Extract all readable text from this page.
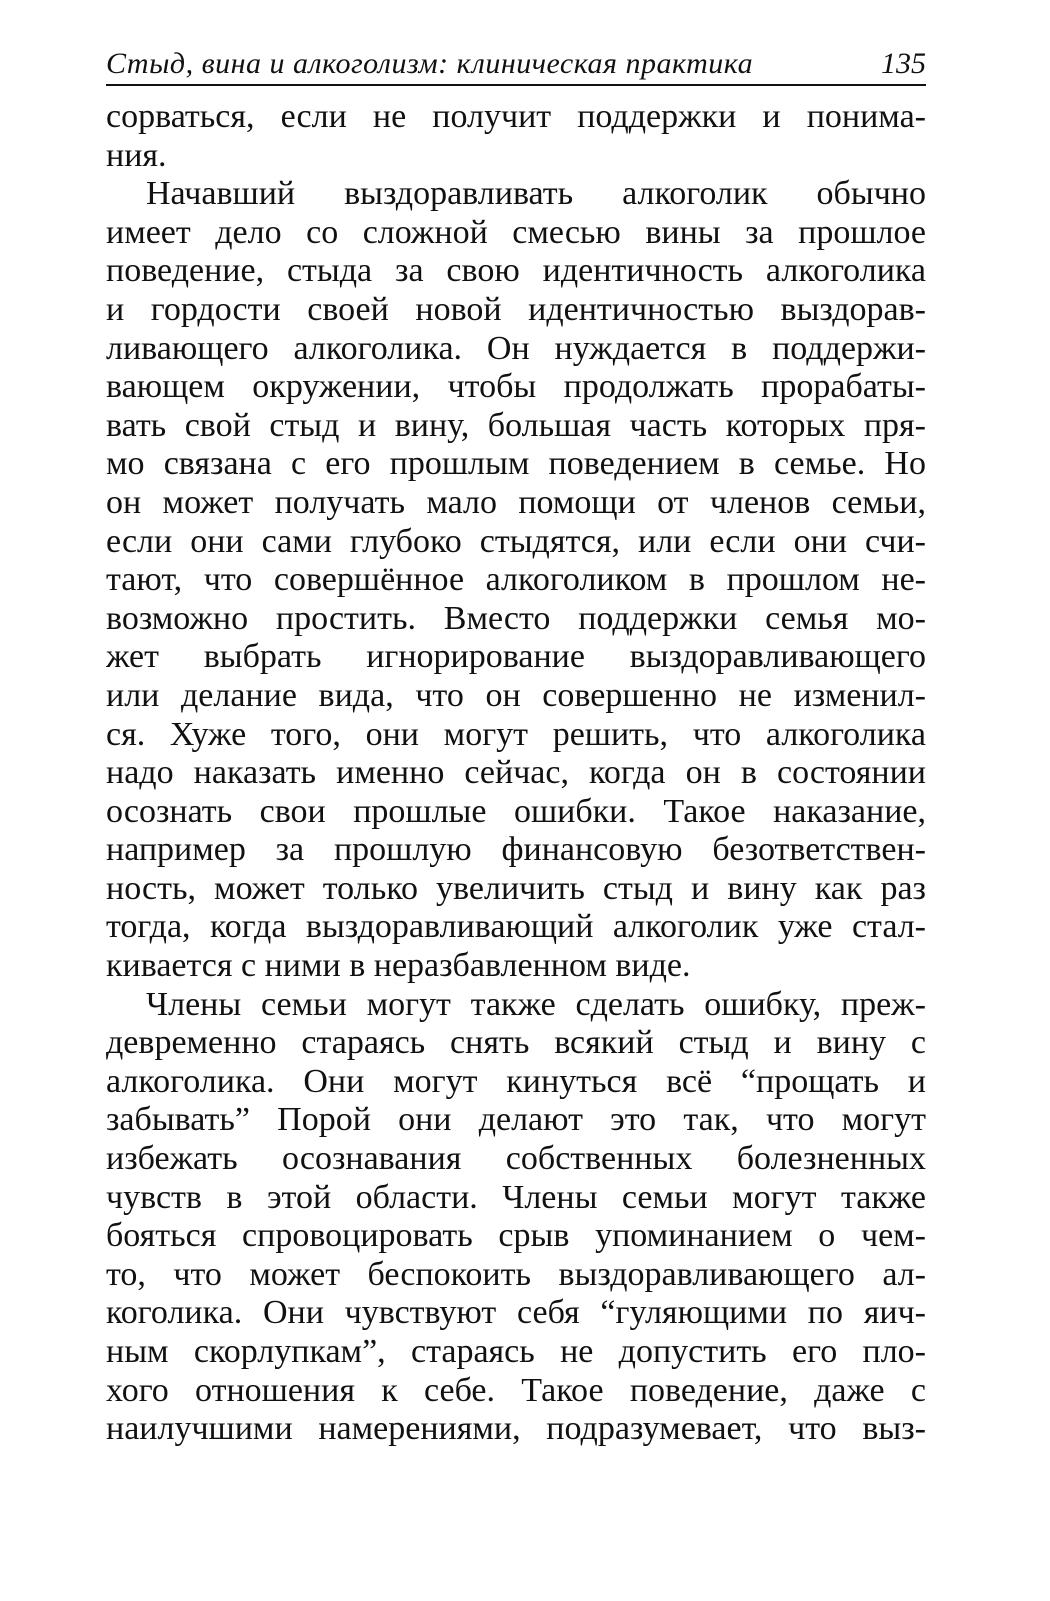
Стыд, вина и алкоголизм: клиническая практика	135
сорваться, если не получит поддержки и понима-
ния.
Начавший выздоравливать алкоголик обычно
имеет дело со сложной смесью вины за прошлое
поведение, стыда за свою идентичность алкоголика
и гордости своей новой идентичностью выздорав-
ливающего алкоголика. Он нуждается в поддержи-
вающем окружении, чтобы продолжать прорабаты-
вать свой стыд и вину, большая часть которых пря-
мо связана с его прошлым поведением в семье. Но
он может получать мало помощи от членов семьи,
если они сами глубоко стыдятся, или если они счи-
тают, что совершённое алкоголиком в прошлом не-
возможно простить. Вместо поддержки семья мо-
жет выбрать игнорирование выздоравливающего
или делание вида, что он совершенно не изменил-
ся. Хуже того, они могут решить, что алкоголика
надо наказать именно сейчас, когда он в состоянии
осознать свои прошлые ошибки. Такое наказание,
например за прошлую финансовую безответствен-
ность, может только увеличить стыд и вину как раз
тогда, когда выздоравливающий алкоголик уже стал-
кивается с ними в неразбавленном виде.
Члены семьи могут также сделать ошибку, преж-
девременно стараясь снять всякий стыд и вину с
алкоголика. Они могут кинуться всё “прощать и
забывать” Порой они делают это так, что могут
избежать осознавания собственных болезненных
чувств в этой области. Члены семьи могут также
бояться спровоцировать срыв упоминанием о чем-
то, что может беспокоить выздоравливающего ал-
коголика. Они чувствуют себя “гуляющими по яич-
ным скорлупкам”, стараясь не допустить его пло-
хого отношения к себе. Такое поведение, даже с
наилучшими намерениями, подразумевает, что выз-
